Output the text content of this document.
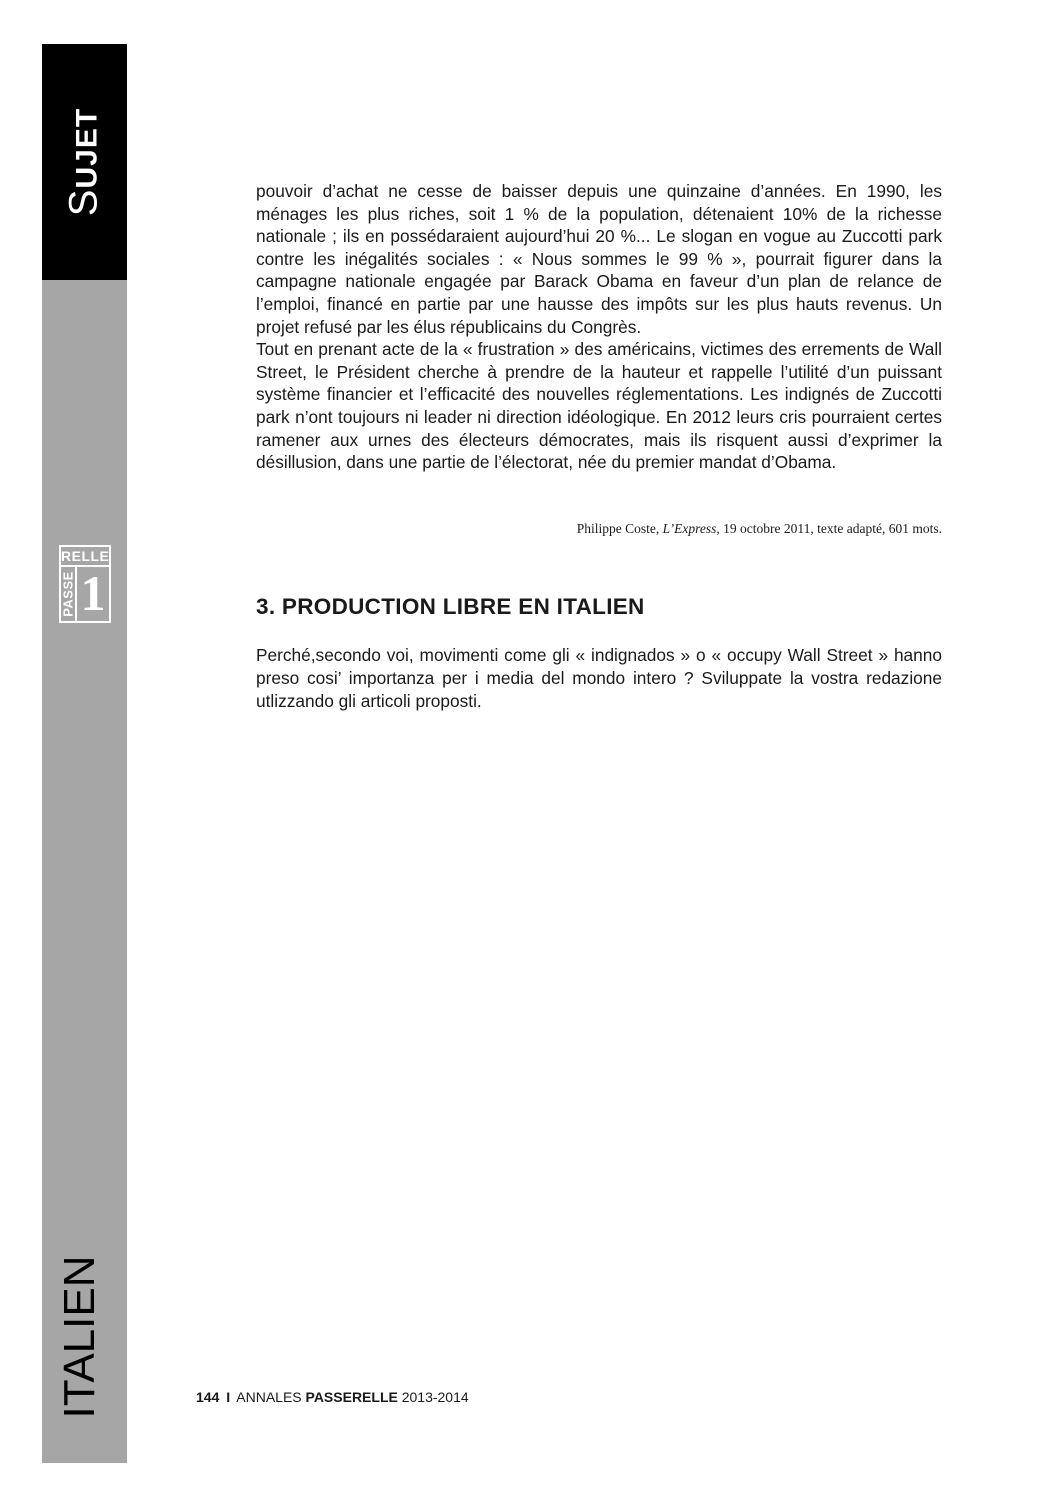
SUJET
RELLE
PASSE 1
ITALIEN

pouvoir d’achat ne cesse de baisser depuis une quinzaine d’années. En 1990, les ménages les plus riches, soit 1 % de la population, détenaient 10% de la richesse nationale ; ils en possédaraient aujourd’hui 20 %... Le slogan en vogue au Zuccotti park contre les inégalités sociales : « Nous sommes le 99 % », pourrait figurer dans la campagne nationale engagée par Barack Obama en faveur d’un plan de relance de l’emploi, financé en partie par une hausse des impôts sur les plus hauts revenus. Un projet refusé par les élus républicains du Congrès.

Tout en prenant acte de la « frustration » des américains, victimes des errements de Wall Street, le Président cherche à prendre de la hauteur et rappelle l’utilité d’un puissant système financier et l’efficacité des nouvelles réglementations. Les indignés de Zuccotti park n’ont toujours ni leader ni direction idéologique. En 2012 leurs cris pourraient certes ramener aux urnes des électeurs démocrates, mais ils risquent aussi d’exprimer la désillusion, dans une partie de l’électorat, née du premier mandat d’Obama.

Philippe Coste, L’Express, 19 octobre 2011, texte adapté, 601 mots.
3. PRODUCTION LIBRE EN ITALIEN

Perché,secondo voi, movimenti come gli « indignados » o « occupy Wall Street » hanno preso cosi’ importanza per i media del mondo intero ? Sviluppate la vostra redazione utlizzando gli articoli proposti.

144 I ANNALES PASSERELLE 2013-2014
